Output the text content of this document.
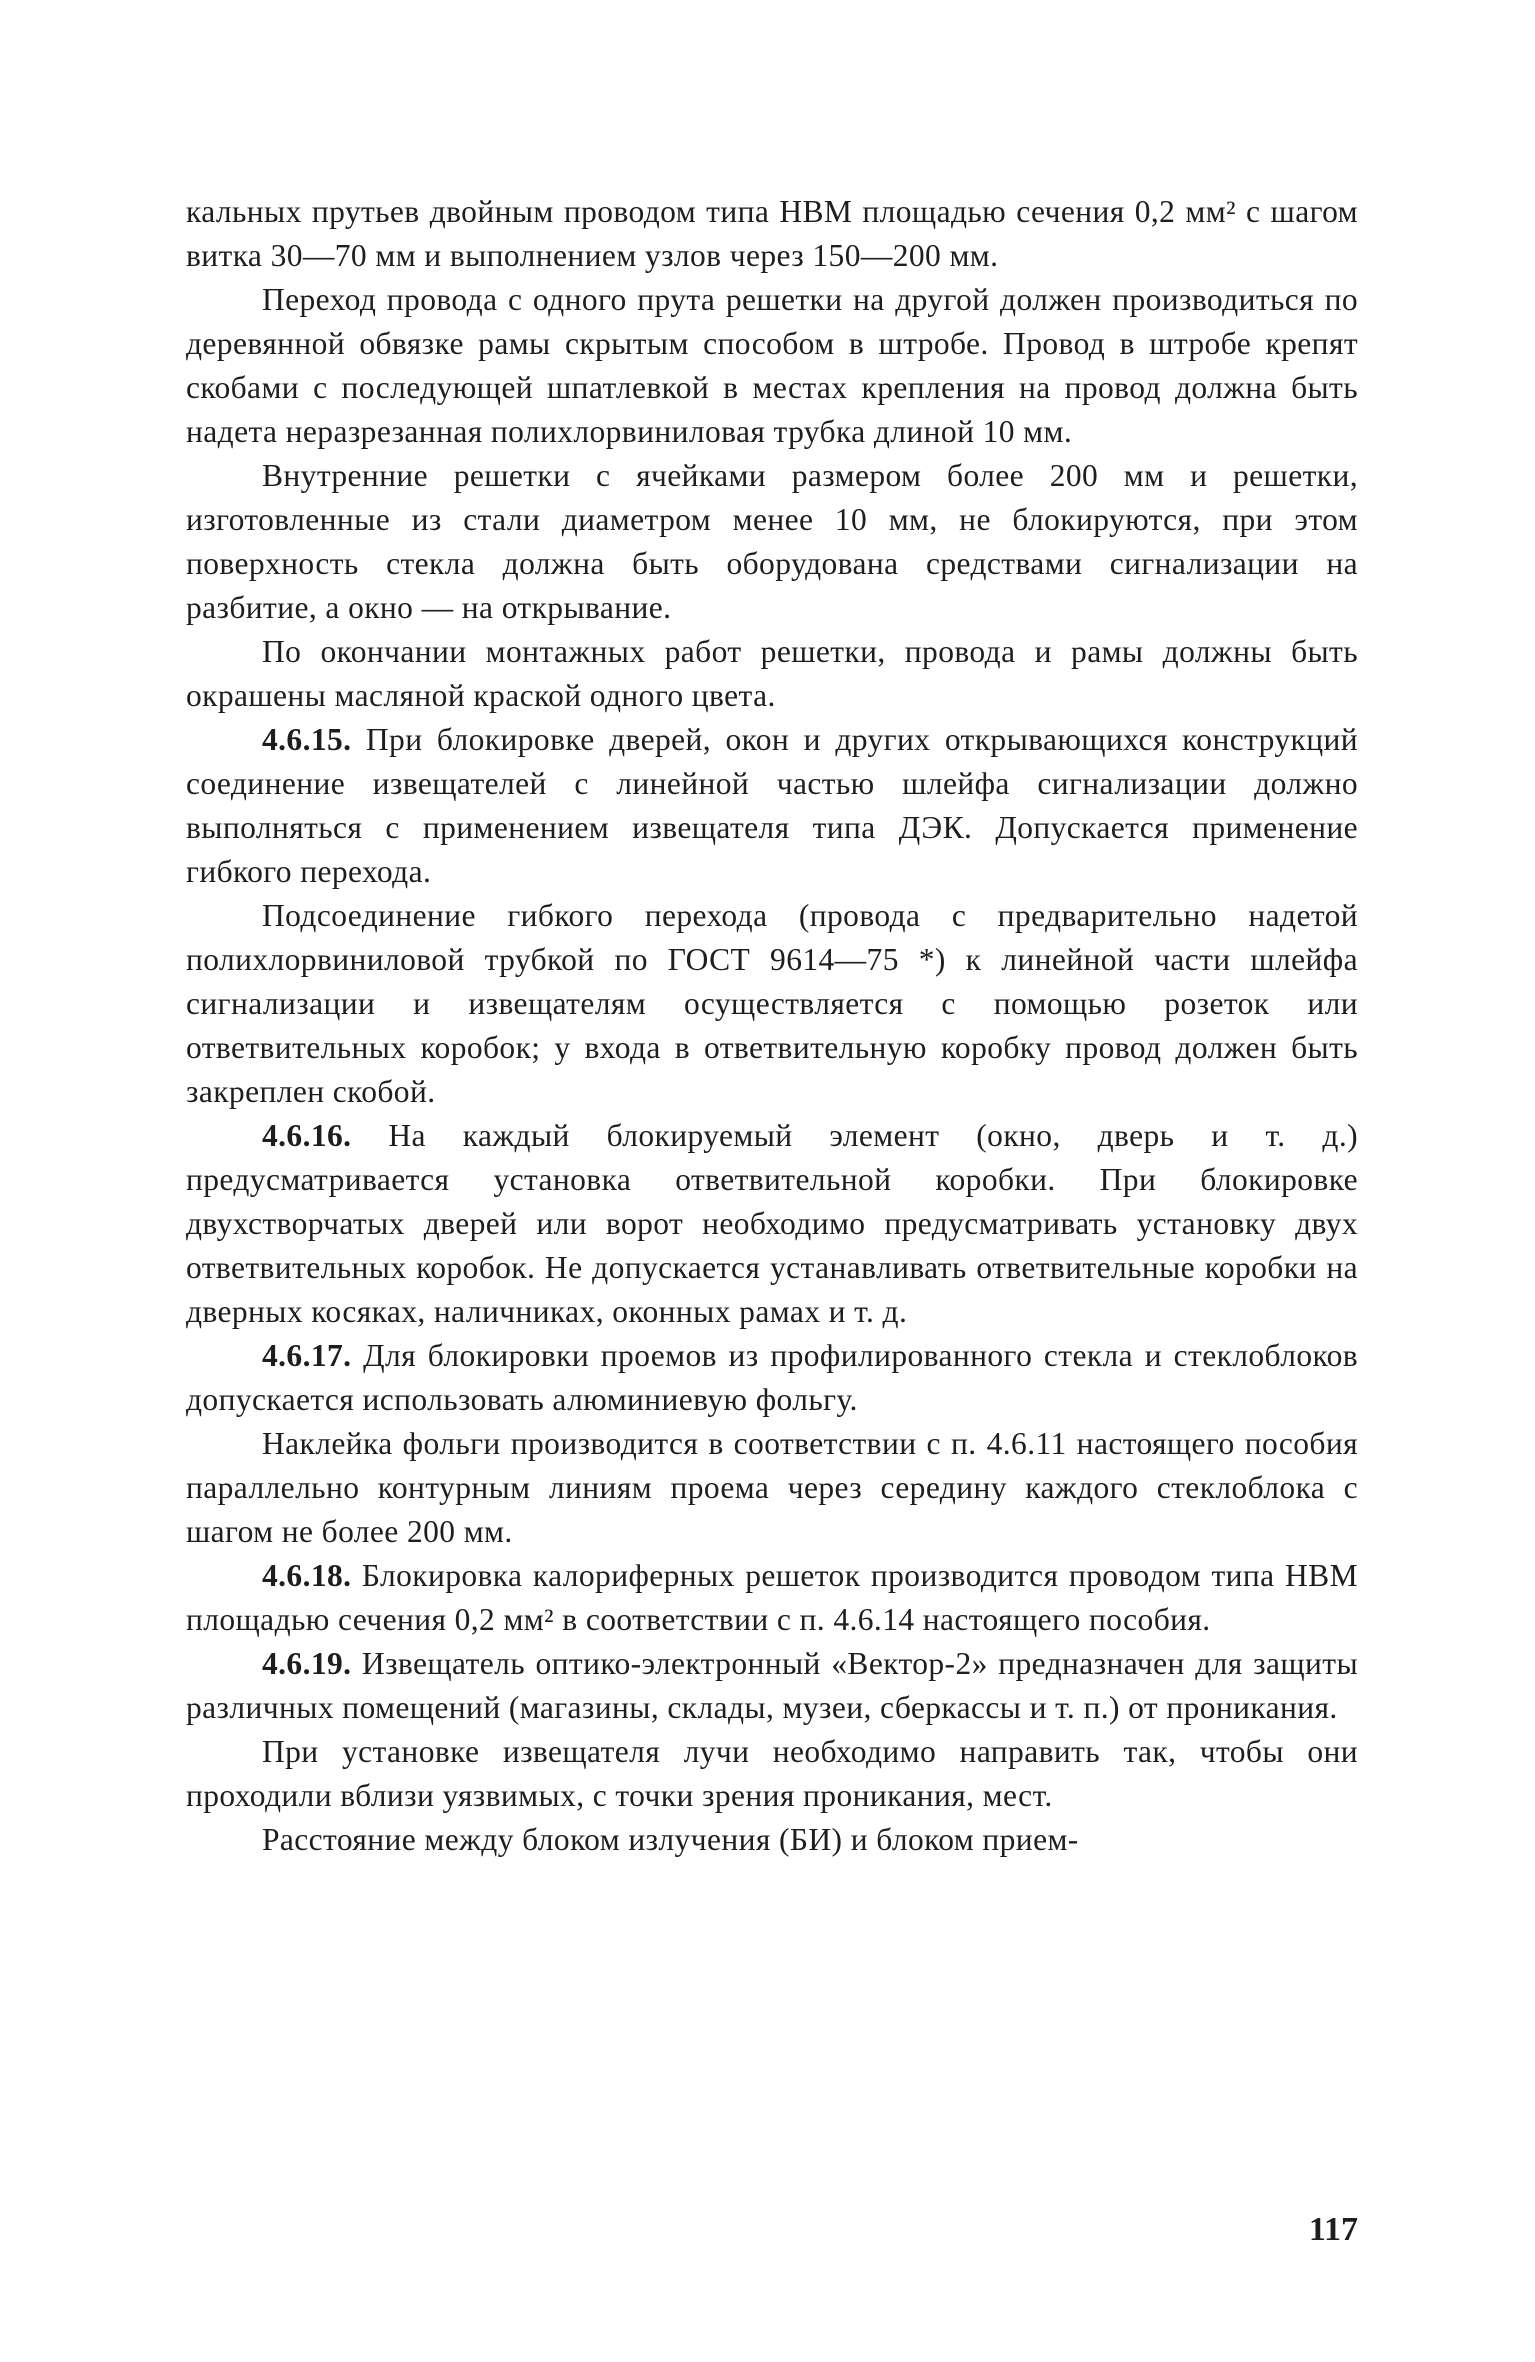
кальных прутьев двойным проводом типа НВМ площадью сечения 0,2 мм² с шагом витка 30—70 мм и выполнением узлов через 150—200 мм.

Переход провода с одного прута решетки на другой должен производиться по деревянной обвязке рамы скрытым способом в штробе. Провод в штробе крепят скобами с последующей шпатлевкой в местах крепления на провод должна быть надета неразрезанная полихлорвиниловая трубка длиной 10 мм.

Внутренние решетки с ячейками размером более 200 мм и решетки, изготовленные из стали диаметром менее 10 мм, не блокируются, при этом поверхность стекла должна быть оборудована средствами сигнализации на разбитие, а окно — на открывание.

По окончании монтажных работ решетки, провода и рамы должны быть окрашены масляной краской одного цвета.

4.6.15. При блокировке дверей, окон и других открывающихся конструкций соединение извещателей с линейной частью шлейфа сигнализации должно выполняться с применением извещателя типа ДЭК. Допускается применение гибкого перехода.

Подсоединение гибкого перехода (провода с предварительно надетой полихлорвиниловой трубкой по ГОСТ 9614—75 *) к линейной части шлейфа сигнализации и извещателям осуществляется с помощью розеток или ответвительных коробок; у входа в ответвительную коробку провод должен быть закреплен скобой.

4.6.16. На каждый блокируемый элемент (окно, дверь и т. д.) предусматривается установка ответвительной коробки. При блокировке двухстворчатых дверей или ворот необходимо предусматривать установку двух ответвительных коробок. Не допускается устанавливать ответвительные коробки на дверных косяках, наличниках, оконных рамах и т. д.

4.6.17. Для блокировки проемов из профилированного стекла и стеклоблоков допускается использовать алюминиевую фольгу.

Наклейка фольги производится в соответствии с п. 4.6.11 настоящего пособия параллельно контурным линиям проема через середину каждого стеклоблока с шагом не более 200 мм.

4.6.18. Блокировка калориферных решеток производится проводом типа НВМ площадью сечения 0,2 мм² в соответствии с п. 4.6.14 настоящего пособия.

4.6.19. Извещатель оптико-электронный «Вектор-2» предназначен для защиты различных помещений (магазины, склады, музеи, сберкассы и т. п.) от проникания.

При установке извещателя лучи необходимо направить так, чтобы они проходили вблизи уязвимых, с точки зрения проникания, мест.

Расстояние между блоком излучения (БИ) и блоком прием-

117
